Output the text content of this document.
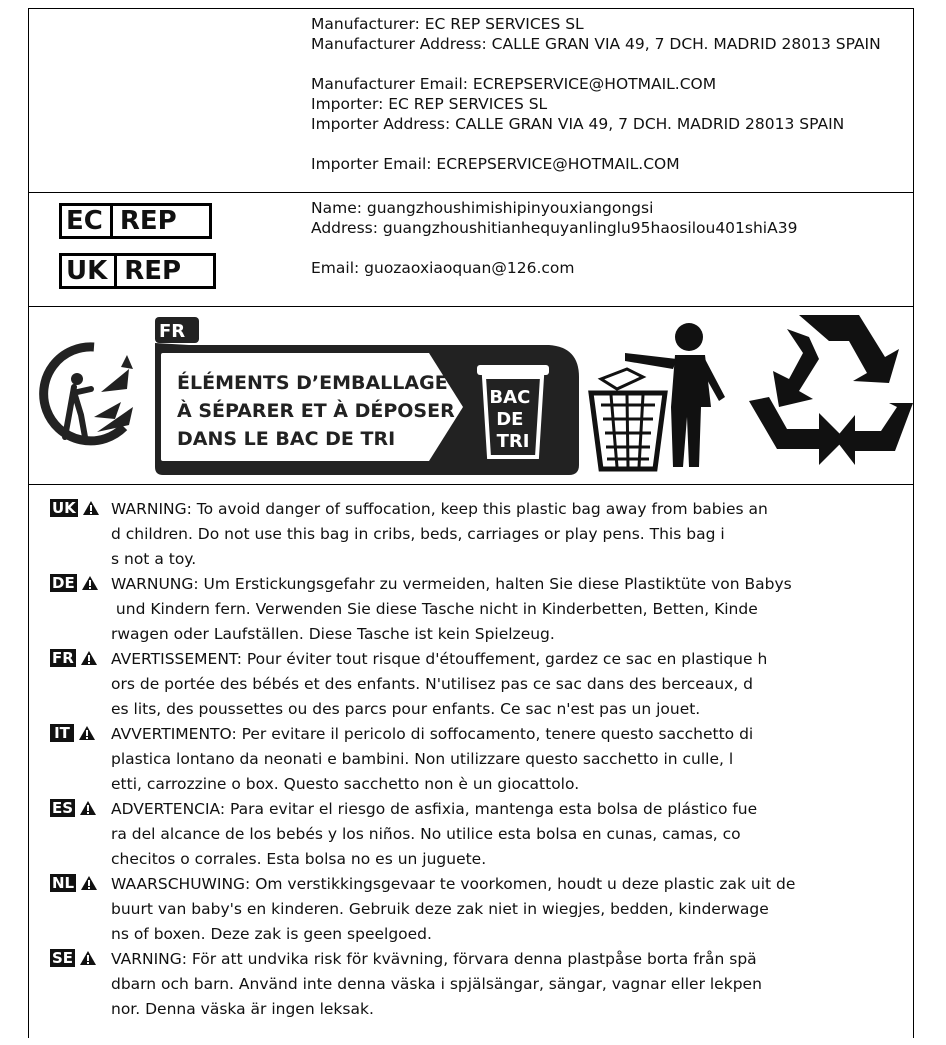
Manufacturer: EC REP SERVICES SL
Manufacturer Address: CALLE GRAN VIA 49, 7 DCH. MADRID 28013 SPAIN
Manufacturer Email: ECREPSERVICE@HOTMAIL.COM
Importer: EC REP SERVICES SL
Importer Address: CALLE GRAN VIA 49, 7 DCH. MADRID 28013 SPAIN
Importer Email: ECREPSERVICE@HOTMAIL.COM
EC REP
UK REP
Name: guangzhoushimishipinyouxiangongsi
Address: guangzhoushitianhequyanlinglu95haosilou401shiA39
Email: guozaoxiaoquan@126.com
FR
ÉLÉMENTS D’EMBALLAGE À SÉPARER ET À DÉPOSER DANS LE BAC DE TRI
BAC DE TRI
UK WARNING: To avoid danger of suffocation, keep this plastic bag away from babies an
d children. Do not use this bag in cribs, beds, carriages or play pens. This bag i
s not a toy.
DE WARNUNG: Um Erstickungsgefahr zu vermeiden, halten Sie diese Plastiktüte von Babys
und Kindern fern. Verwenden Sie diese Tasche nicht in Kinderbetten, Betten, Kinde
rwagen oder Laufställen. Diese Tasche ist kein Spielzeug.
FR AVERTISSEMENT: Pour éviter tout risque d'étouffement, gardez ce sac en plastique h
ors de portée des bébés et des enfants. N'utilisez pas ce sac dans des berceaux, d
es lits, des poussettes ou des parcs pour enfants. Ce sac n'est pas un jouet.
IT	AVVERTIMENTO: Per evitare il pericolo di soffocamento, tenere questo sacchetto di
plastica lontano da neonati e bambini. Non utilizzare questo sacchetto in culle, l
etti, carrozzine o box. Questo sacchetto non è un giocattolo.
ES ADVERTENCIA: Para evitar el riesgo de asfixia, mantenga esta bolsa de plástico fue
ra del alcance de los bebés y los niños. No utilice esta bolsa en cunas, camas, co
checitos o corrales. Esta bolsa no es un juguete.
NL WAARSCHUWING: Om verstikkingsgevaar te voorkomen, houdt u deze plastic zak uit de
buurt van baby's en kinderen. Gebruik deze zak niet in wiegjes, bedden, kinderwage
ns of boxen. Deze zak is geen speelgoed.
SE VARNING: För att undvika risk för kvävning, förvara denna plastpåse borta från spä
dbarn och barn. Använd inte denna väska i spjälsängar, sängar, vagnar eller lekpen
nor. Denna väska är ingen leksak.
